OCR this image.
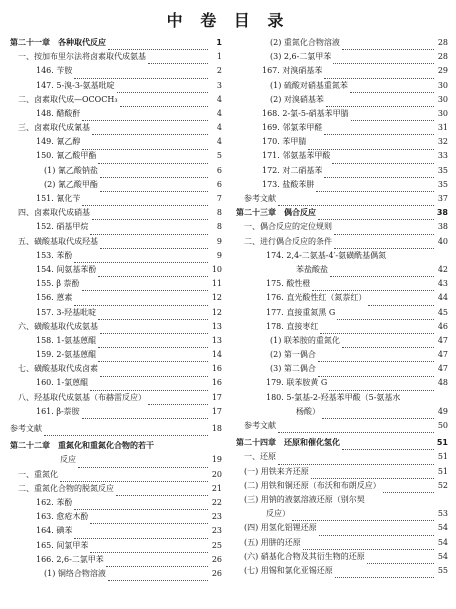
中 卷 目 录
第二十一章　各种取代反应	1
一、按加布里尔法将卤素取代成氨基	1
146. 苄胺	2
147. 5-溴-3-氨基吡啶	3
二、卤素取代成—OCOCH₃	4
148. 醋酸酐	4
三、卤素取代成氰基	4
149. 氰乙醇	4
150. 氰乙酸甲酯	5
(1) 氰乙酸钠盐	6
(2) 氰乙酸甲酯	6
151. 氰化苄	7
四、卤素取代成硝基	8
152. 硝基甲烷	8
五、磺酸基取代成羟基	9
153. 苯酚	9
154. 间氨基苯酚	10
155. β 萘酚	11
156. 蒽素	12
157. 3-羟基吡啶	12
六、磺酸基取代成氨基	13
158. 1-氨基蒽醌	13
159. 2-氨基蒽醌	14
七、磺酸基取代成卤素	16
160. 1-氯蒽醌	16
八、羟基取代成氨基（布赫雷反应）	17
161. β-萘胺	17
参考文献	18
第二十二章　重氮化和重氮化合物的若干
反应	19
一、重氮化	20
二、重氮化合物的脱氮反应	21
162. 苯酚	22
163. 愈疮木酚	23
164. 碘苯	23
165. 间氯甲苯	25
166. 2,6-二氯甲苯	26
(1) 铜络合物溶液	26
(2) 重氮化合物溶液	28
(3) 2,6-二氯甲苯	28
167. 对溴硝基苯	29
(1) 硫酸对硝基重氮苯	30
(2) 对溴硝基苯	30
168. 2-氯-5-硝基苯甲腈	30
169. 邻氯苯甲醛	31
170. 苯甲腈	32
171. 邻氨基苯甲酸	33
172. 对二硝基苯	35
173. 盐酸苯肼	35
参考文献	37
第二十三章　偶合反应	38
一、偶合反应的定位规则	38
二、进行偶合反应的条件	40
174. 2,4-二氨基-4′-氨磺酰基偶氮
苯盐酸盐	42
175. 酸性橙	43
176. 直光酸性红（氮萘红）	44
177. 直接重氮黑 G	45
178. 直接枣红	46
(1) 联苯胺的重氮化	47
(2) 第一偶合	47
(3) 第二偶合	47
179. 联苯胺黄 G	48
180. 5-氯基-2-羟基苯甲酸（5-氨基水
杨酸）	49
参考文献	50
第二十四章　还原和催化氢化	51
一、还原	51
(一) 用铁来齐还原	51
(二) 用铁和铜还原（布沃和布朗反应）	52
(三) 用钠的液氨溶液还原（别尔契
反应）	53
(四) 用氢化铝锂还原	54
(五) 用肼的还原	54
(六) 硝基化合物及其衍生物的还原	54
(七) 用锡和氯化亚锡还原	55
